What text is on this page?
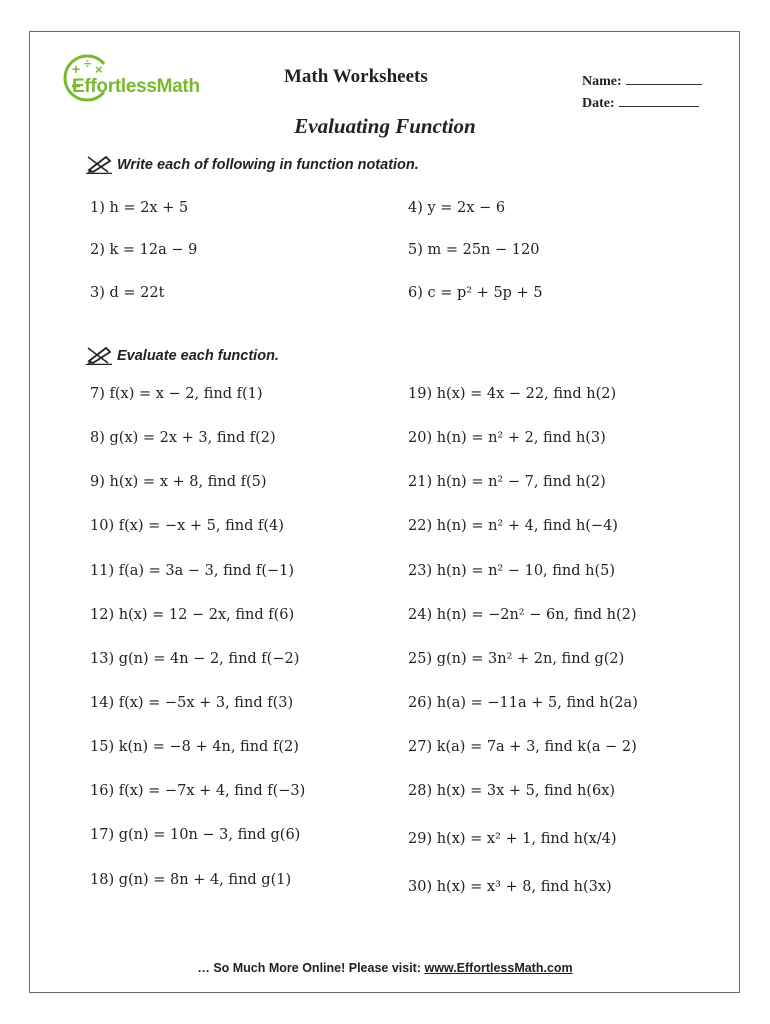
+ ÷ ×
EffortlessMath	Math Worksheets	Name:
Date:
Evaluating Function
Write each of following in function notation.
1) h = 2x + 5
2) k = 12a − 9
3) d = 22t
4) y = 2x − 6
5) m = 25n − 120
6) c = p² + 5p + 5
Evaluate each function.
7) f(x) = x − 2, find f(1)
8) g(x) = 2x + 3, find f(2)
9) h(x) = x + 8, find f(5)
10) f(x) = −x + 5, find f(4)
11) f(a) = 3a − 3, find f(−1)
12) h(x) = 12 − 2x, find f(6)
13) g(n) = 4n − 2, find f(−2)
14) f(x) = −5x + 3, find f(3)
15) k(n) = −8 + 4n, find f(2)
16) f(x) = −7x + 4, find f(−3)
17) g(n) = 10n − 3, find g(6)
18) g(n) = 8n + 4, find g(1)
19) h(x) = 4x − 22, find h(2)
20) h(n) = n² + 2, find h(3)
21) h(n) = n² − 7, find h(2)
22) h(n) = n² + 4, find h(−4)
23) h(n) = n² − 10, find h(5)
24) h(n) = −2n² − 6n, find h(2)
25) g(n) = 3n² + 2n, find g(2)
26) h(a) = −11a + 5, find h(2a)
27) k(a) = 7a + 3, find k(a − 2)
28) h(x) = 3x + 5, find h(6x)
29) h(x) = x² + 1, find h(x/4)
30) h(x) = x³ + 8, find h(3x)
… So Much More Online! Please visit: www.EffortlessMath.com
